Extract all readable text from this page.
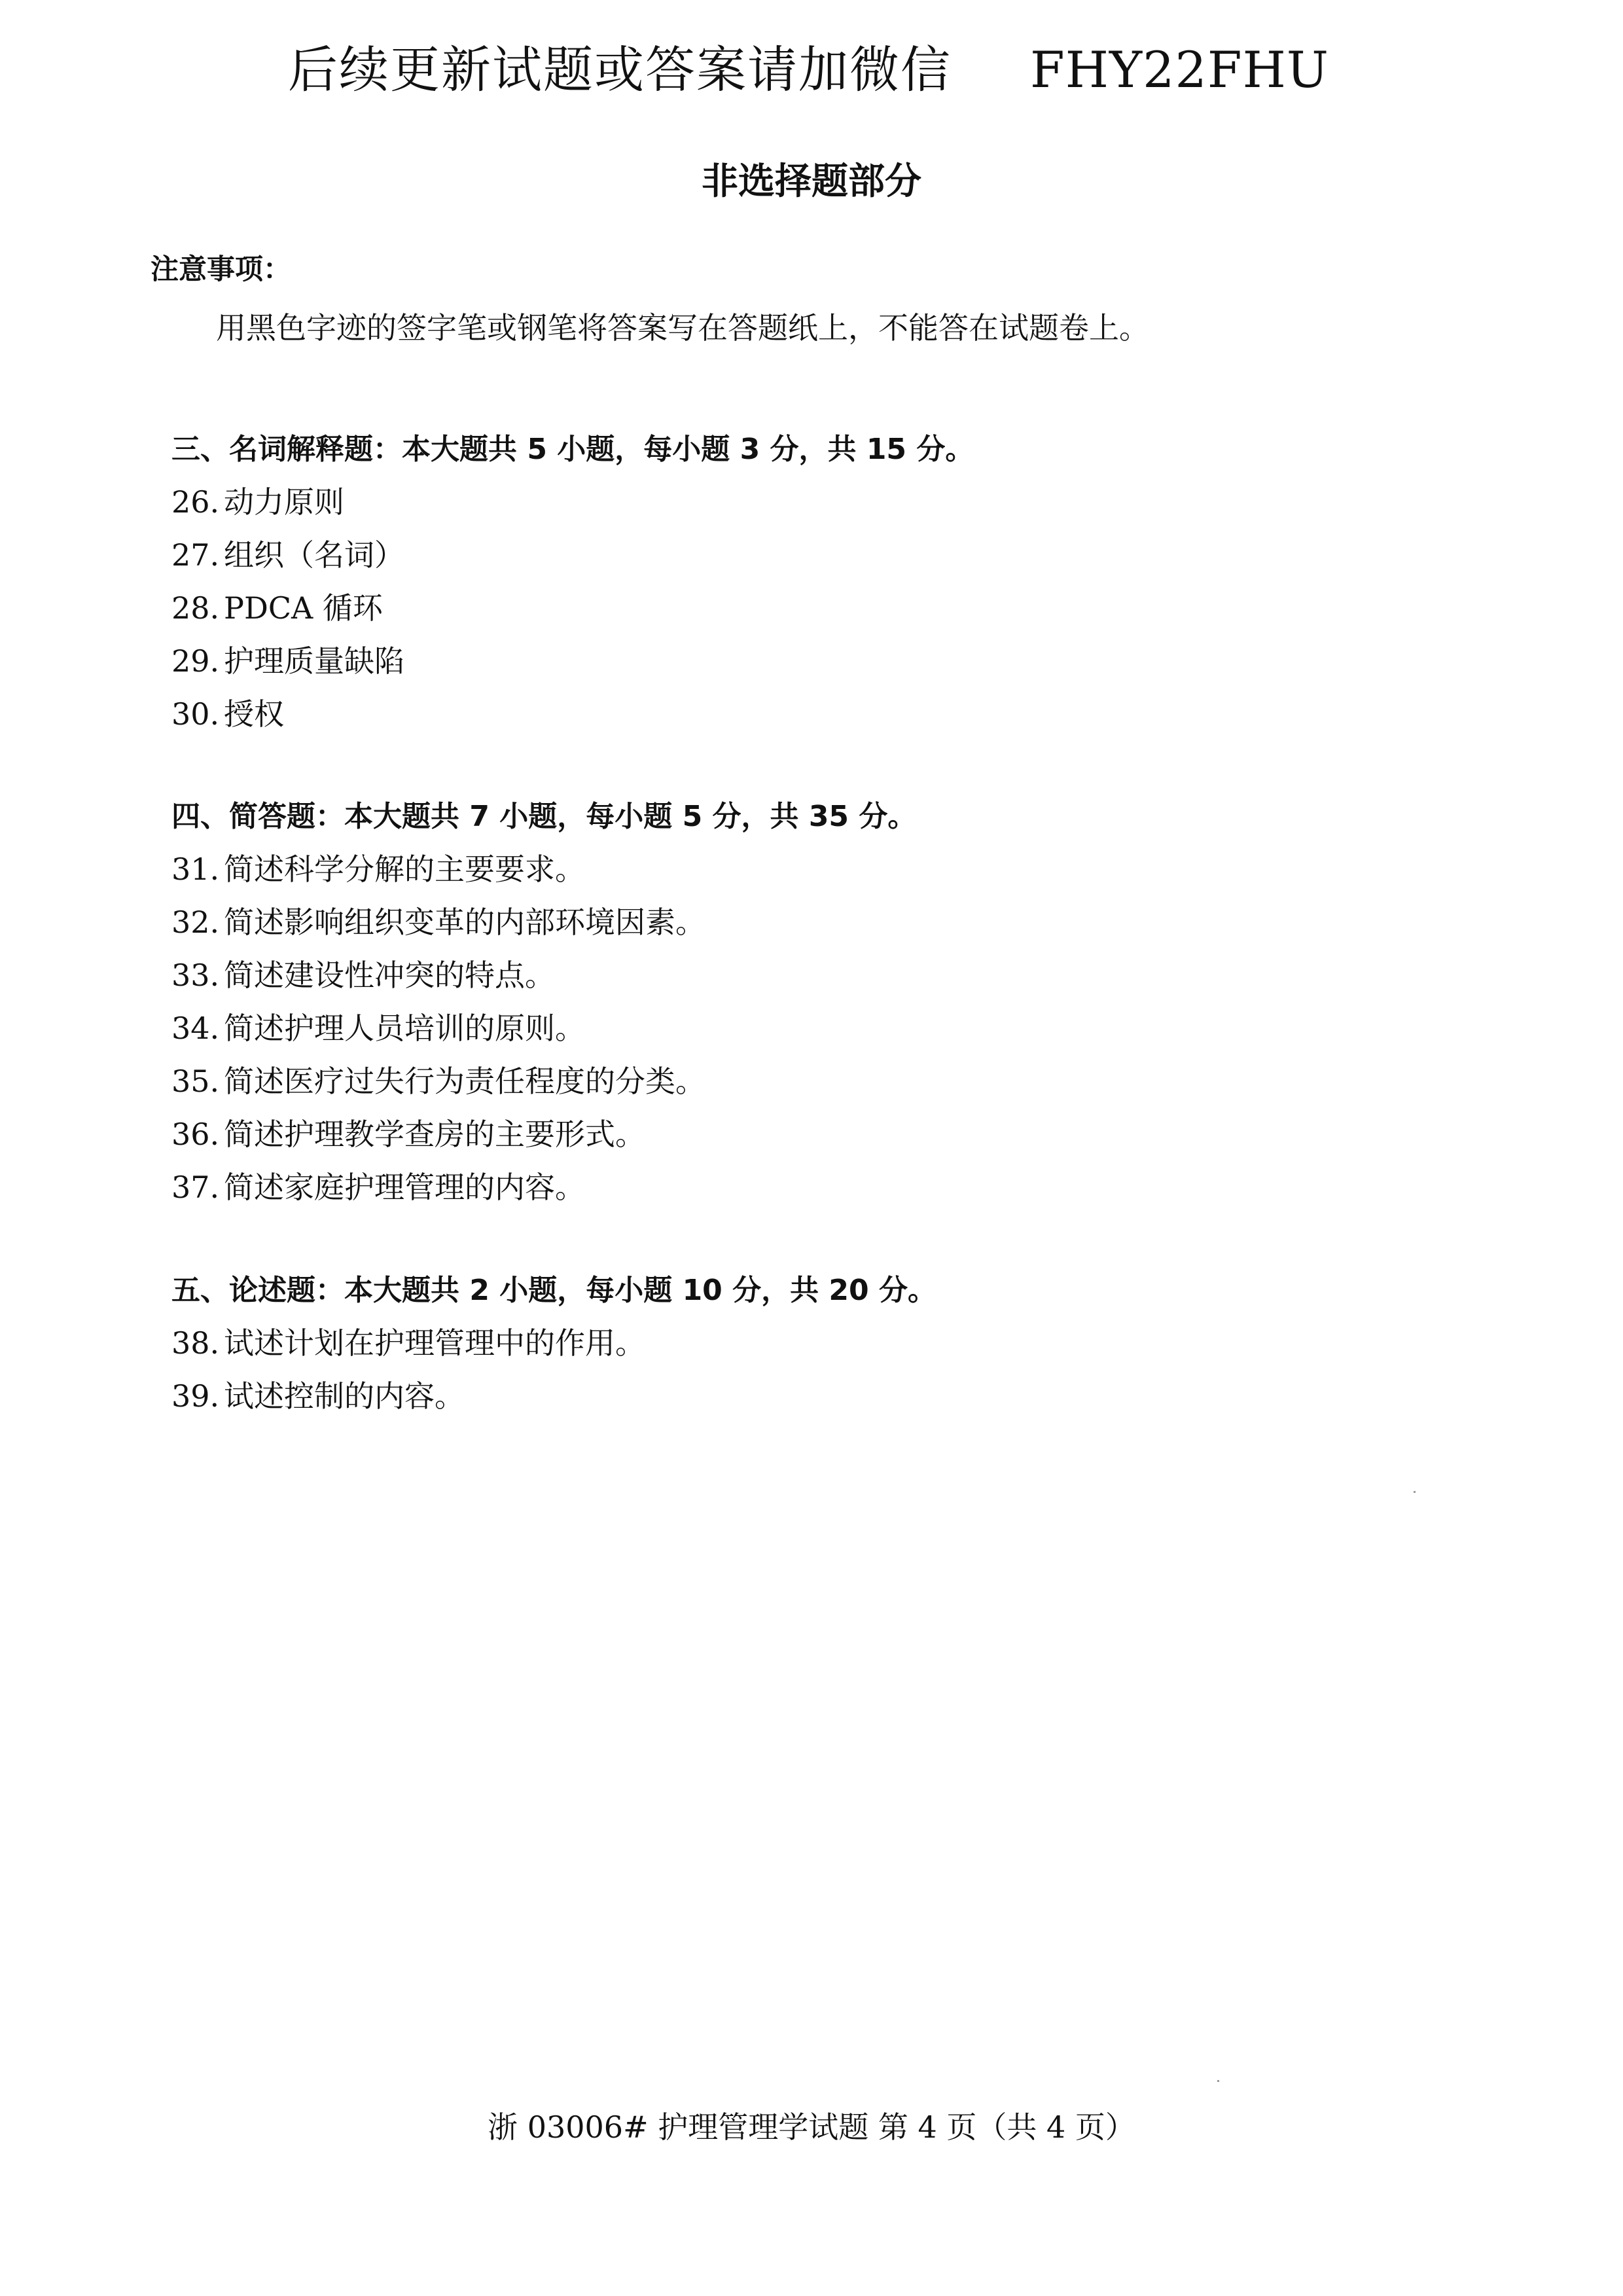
后续更新试题或答案请加微信 FHY22FHU
非选择题部分
注意事项：
用黑色字迹的签字笔或钢笔将答案写在答题纸上，不能答在试题卷上。
三、名词解释题：本大题共 5 小题，每小题 3 分，共 15 分。
26. 动力原则
27. 组织（名词）
28. PDCA 循环
29. 护理质量缺陷
30. 授权
四、简答题：本大题共 7 小题，每小题 5 分，共 35 分。
31. 简述科学分解的主要要求。
32. 简述影响组织变革的内部环境因素。
33. 简述建设性冲突的特点。
34. 简述护理人员培训的原则。
35. 简述医疗过失行为责任程度的分类。
36. 简述护理教学查房的主要形式。
37. 简述家庭护理管理的内容。
五、论述题：本大题共 2 小题，每小题 10 分，共 20 分。
38. 试述计划在护理管理中的作用。
39. 试述控制的内容。
浙 03006# 护理管理学试题 第 4 页（共 4 页）
